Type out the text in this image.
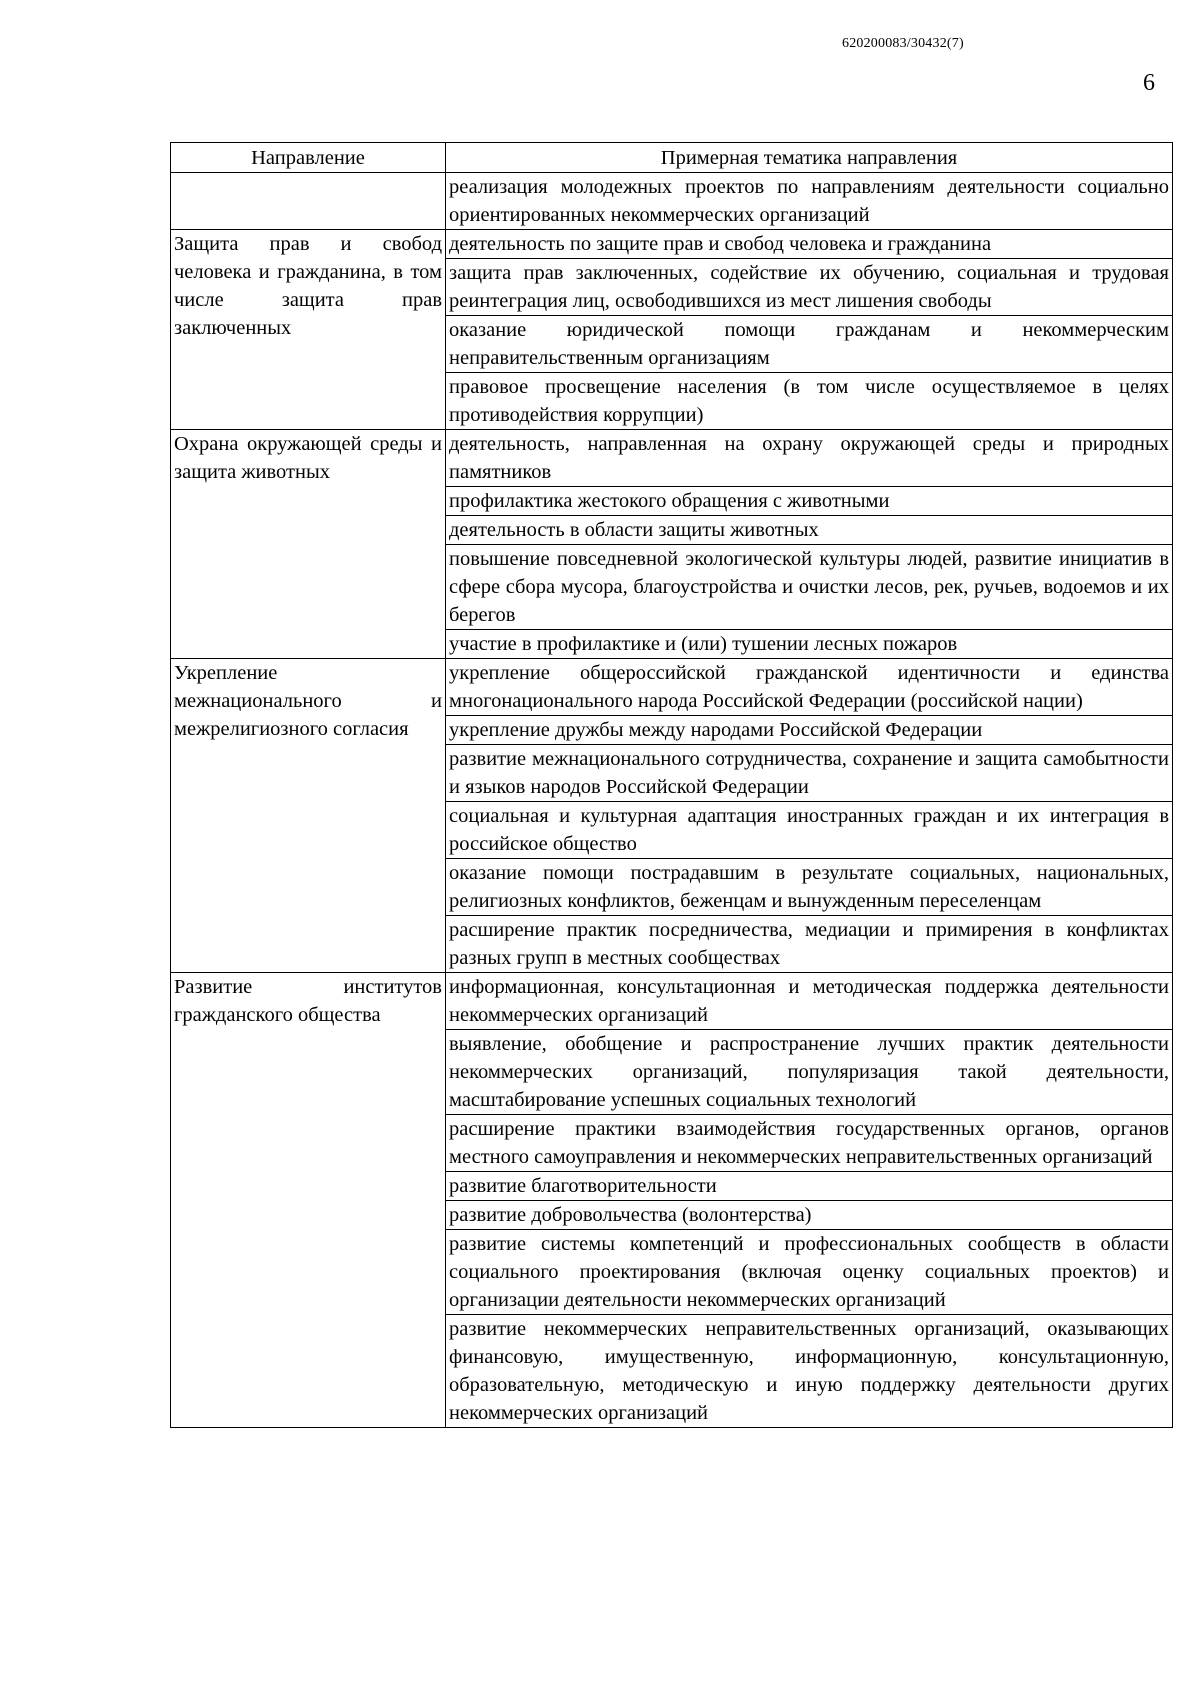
620200083/30432(7)
6
Направление	Примерная тематика направления
	реализация молодежных проектов по направлениям деятельности социально ориентированных некоммерческих организаций
Защита прав и свобод человека и гражданина, в том числе защита прав заключенных	деятельность по защите прав и свобод человека и гражданина
	защита прав заключенных, содействие их обучению, социальная и трудовая реинтеграция лиц, освободившихся из мест лишения свободы
	оказание юридической помощи гражданам и некоммерческим неправительственным организациям
	правовое просвещение населения (в том числе осуществляемое в целях противодействия коррупции)
Охрана окружающей среды и защита животных	деятельность, направленная на охрану окружающей среды и природных памятников
	профилактика жестокого обращения с животными
	деятельность в области защиты животных
	повышение повседневной экологической культуры людей, развитие инициатив в сфере сбора мусора, благоустройства и очистки лесов, рек, ручьев, водоемов и их берегов
	участие в профилактике и (или) тушении лесных пожаров
Укрепление межнационального и межрелигиозного согласия	укрепление общероссийской гражданской идентичности и единства многонационального народа Российской Федерации (российской нации)
	укрепление дружбы между народами Российской Федерации
	развитие межнационального сотрудничества, сохранение и защита самобытности и языков народов Российской Федерации
	социальная и культурная адаптация иностранных граждан и их интеграция в российское общество
	оказание помощи пострадавшим в результате социальных, национальных, религиозных конфликтов, беженцам и вынужденным переселенцам
	расширение практик посредничества, медиации и примирения в конфликтах разных групп в местных сообществах
Развитие институтов гражданского общества	информационная, консультационная и методическая поддержка деятельности некоммерческих организаций
	выявление, обобщение и распространение лучших практик деятельности некоммерческих организаций, популяризация такой деятельности, масштабирование успешных социальных технологий
	расширение практики взаимодействия государственных органов, органов местного самоуправления и некоммерческих неправительственных организаций
	развитие благотворительности
	развитие добровольчества (волонтерства)
	развитие системы компетенций и профессиональных сообществ в области социального проектирования (включая оценку социальных проектов) и организации деятельности некоммерческих организаций
	развитие некоммерческих неправительственных организаций, оказывающих финансовую, имущественную, информационную, консультационную, образовательную, методическую и иную поддержку деятельности других некоммерческих организаций
